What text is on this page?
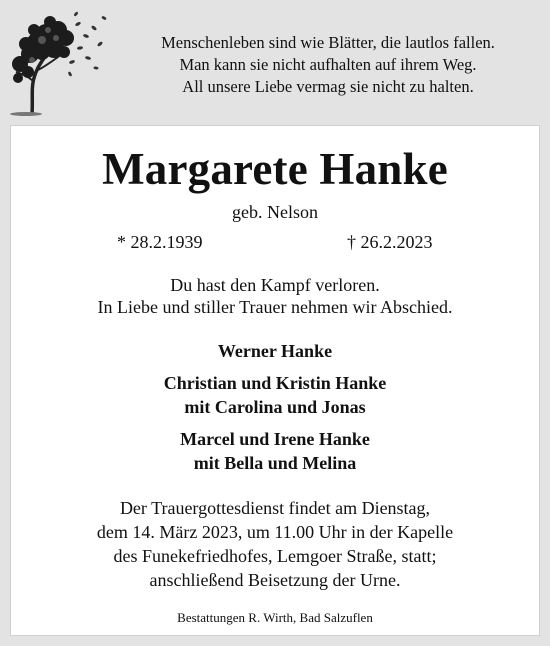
Menschenleben sind wie Blätter, die lautlos fallen.
Man kann sie nicht aufhalten auf ihrem Weg.
All unsere Liebe vermag sie nicht zu halten.
Margarete Hanke
geb. Nelson
* 28.2.1939	† 26.2.2023
Du hast den Kampf verloren.
In Liebe und stiller Trauer nehmen wir Abschied.
Werner Hanke
Christian und Kristin Hanke
mit Carolina und Jonas
Marcel und Irene Hanke
mit Bella und Melina
Der Trauergottesdienst findet am Dienstag,
dem 14. März 2023, um 11.00 Uhr in der Kapelle
des Funekefriedhofes, Lemgoer Straße, statt;
anschließend Beisetzung der Urne.
Bestattungen R. Wirth, Bad Salzuflen
